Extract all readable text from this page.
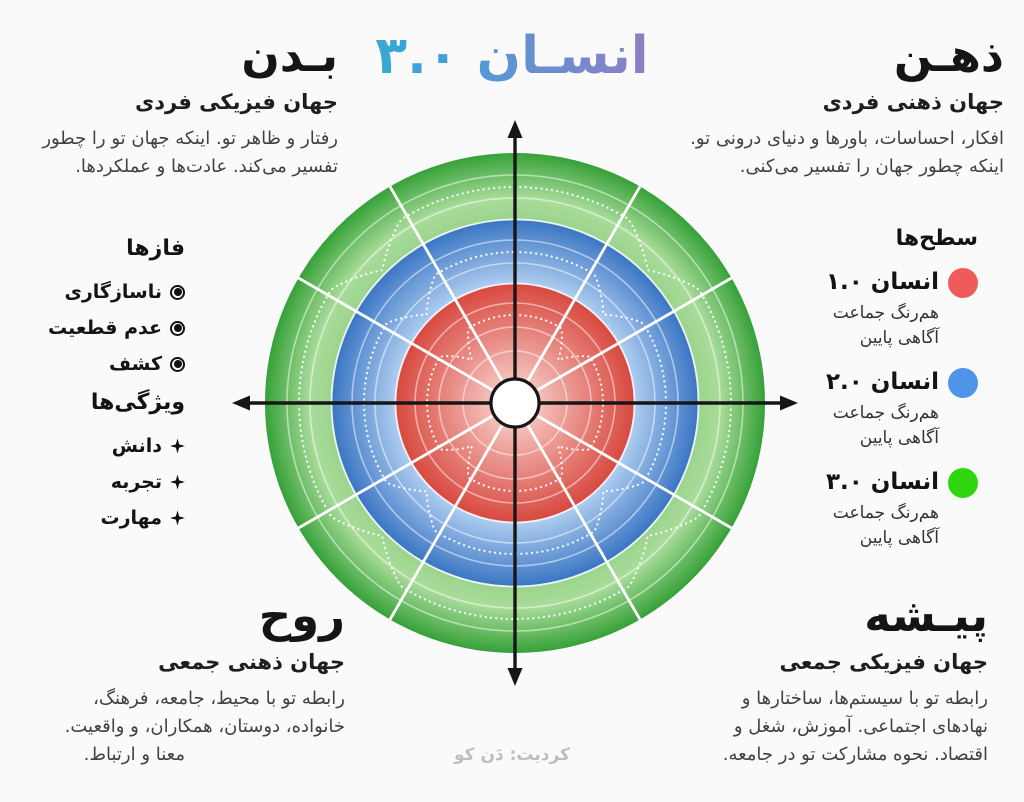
انسـان ۳.۰
بـدن
جهان فیزیکی فردی
رفتار و ظاهر تو. اینکه جهان تو را چطور
تفسیر می‌کند. عادت‌ها و عملکردها.
ذهـن
جهان ذهنی فردی
افکار، احساسات، باورها و دنیای درونی تو.
اینکه چطور جهان را تفسیر می‌کنی.
روح
جهان ذهنی جمعی
رابطه تو با محیط، جامعه، فرهنگ،
خانواده، دوستان، همکاران، و واقعیت.
معنا و ارتباط.
پیـشه
جهان فیزیکی جمعی
رابطه تو با سیستم‌ها، ساختارها و
نهادهای اجتماعی. آموزش، شغل و
اقتصاد. نحوه مشارکت تو در جامعه.
فازها
ناسازگاری
عدم قطعیت
کشف
ویژگی‌ها
دانش
تجربه
مهارت
سطح‌ها
انسان ۱.۰
هم‌رنگ جماعت
آگاهی پایین
انسان ۲.۰
هم‌رنگ جماعت
آگاهی پایین
انسان ۳.۰
هم‌رنگ جماعت
آگاهی پایین
کردیت: دَن کو
